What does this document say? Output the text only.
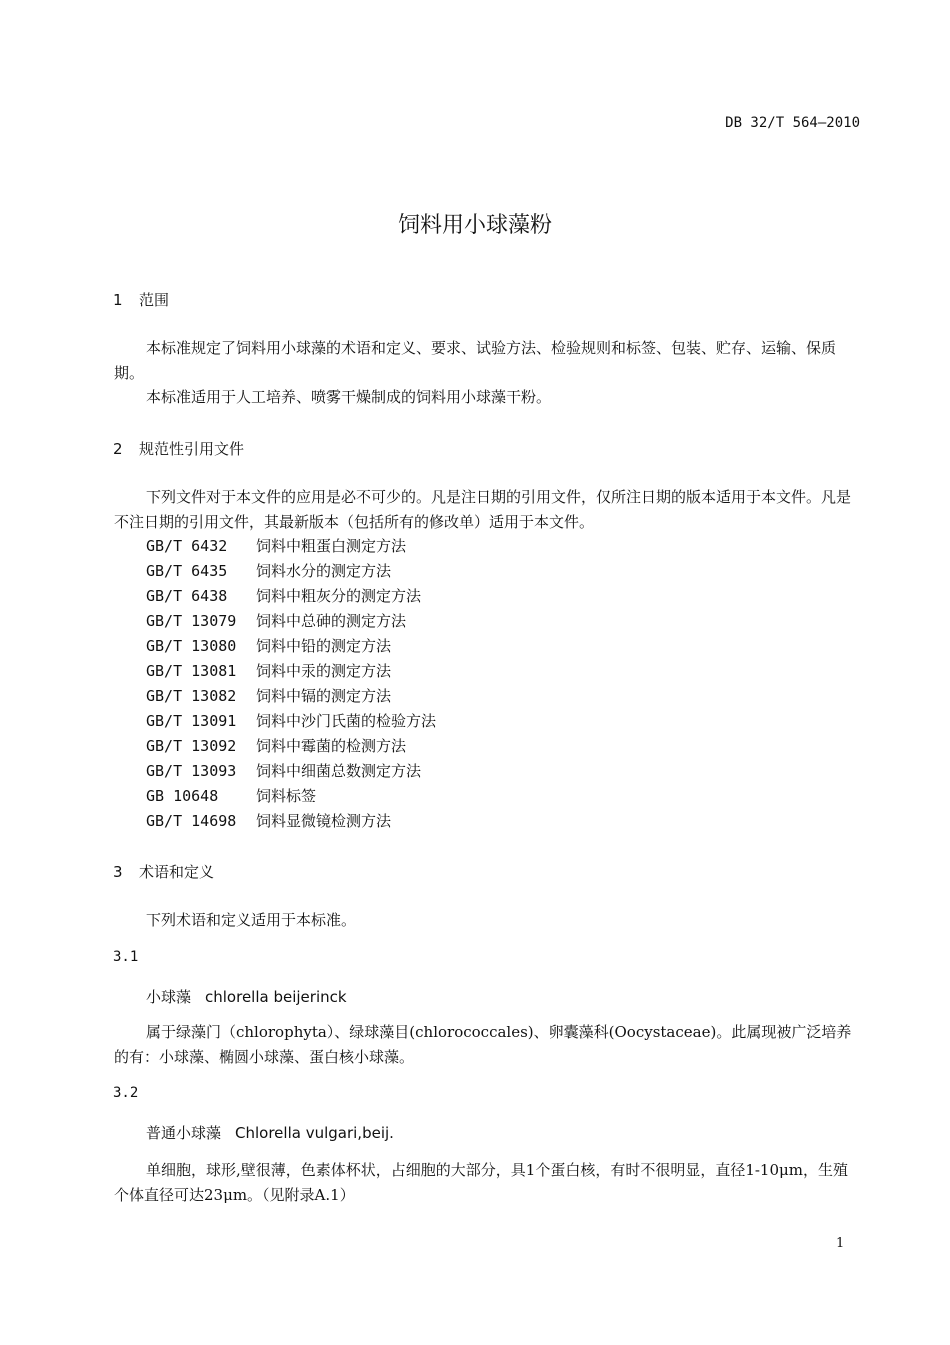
DB 32/T 564—2010
饲料用小球藻粉
1 范围
本标准规定了饲料用小球藻的术语和定义、要求、试验方法、检验规则和标签、包装、贮存、运输、保质期。
本标准适用于人工培养、喷雾干燥制成的饲料用小球藻干粉。
2 规范性引用文件
下列文件对于本文件的应用是必不可少的。凡是注日期的引用文件，仅所注日期的版本适用于本文件。凡是不注日期的引用文件，其最新版本（包括所有的修改单）适用于本文件。
GB/T 6432 饲料中粗蛋白测定方法
GB/T 6435 饲料水分的测定方法
GB/T 6438 饲料中粗灰分的测定方法
GB/T 13079 饲料中总砷的测定方法
GB/T 13080 饲料中铅的测定方法
GB/T 13081 饲料中汞的测定方法
GB/T 13082 饲料中镉的测定方法
GB/T 13091 饲料中沙门氏菌的检验方法
GB/T 13092 饲料中霉菌的检测方法
GB/T 13093 饲料中细菌总数测定方法
GB 10648	饲料标签
GB/T 14698 饲料显微镜检测方法
3 术语和定义
下列术语和定义适用于本标准。
3.1
小球藻 chlorella beijerinck
属于绿藻门（chlorophyta）、绿球藻目(chlorococcales)、卵囊藻科(Oocystaceae)。此属现被广泛培养的有：小球藻、椭圆小球藻、蛋白核小球藻。
3.2
普通小球藻 Chlorella vulgari,beij.
单细胞，球形,壁很薄，色素体杯状，占细胞的大部分，具1个蛋白核，有时不很明显，直径1-10μm，生殖个体直径可达23μm。（见附录A.1）
1
